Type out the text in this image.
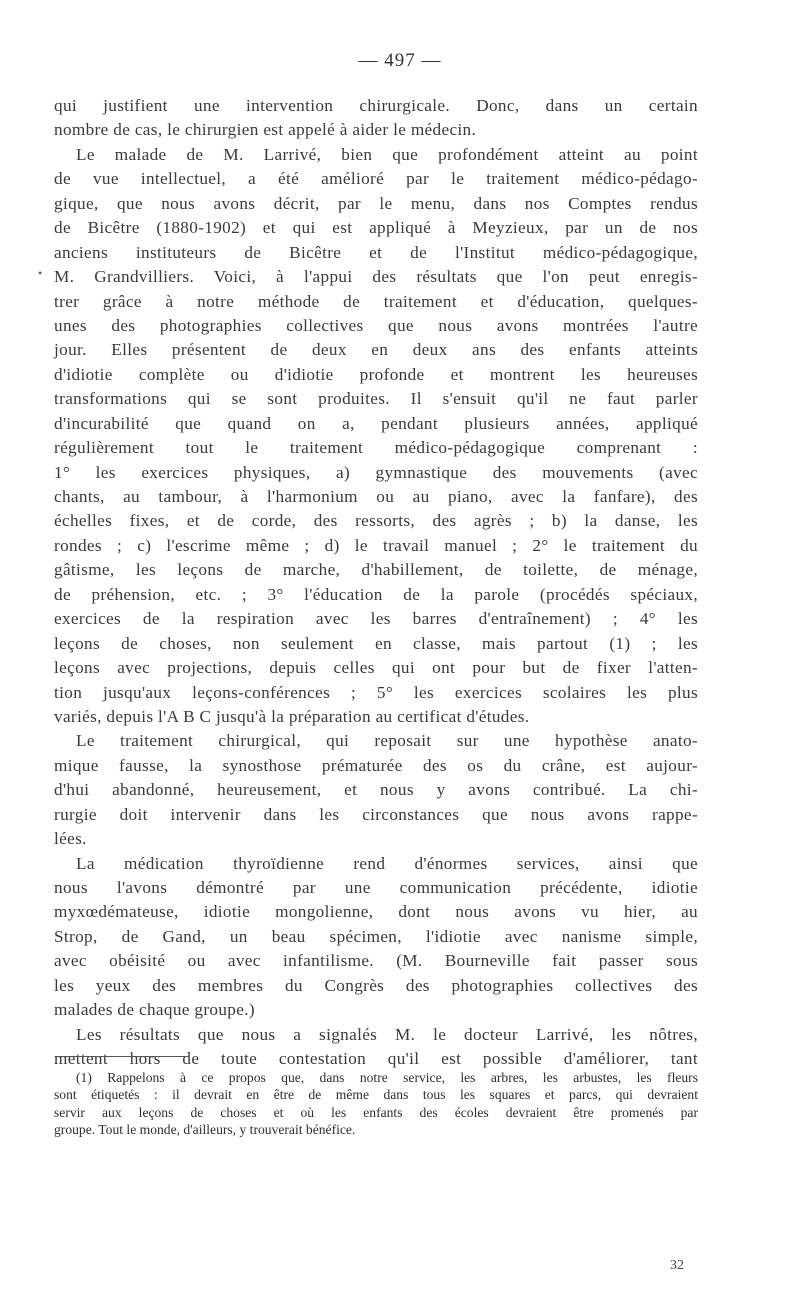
— 497 —
•
qui justifient une intervention chirurgicale. Donc, dans un certain
nombre de cas, le chirurgien est appelé à aider le médecin.
Le malade de M. Larrivé, bien que profondément atteint au point
de vue intellectuel, a été amélioré par le traitement médico-pédago-
gique, que nous avons décrit, par le menu, dans nos Comptes rendus
de Bicêtre (1880-1902) et qui est appliqué à Meyzieux, par un de nos
anciens instituteurs de Bicêtre et de l'Institut médico-pédagogique,
M. Grandvilliers. Voici, à l'appui des résultats que l'on peut enregis-
trer grâce à notre méthode de traitement et d'éducation, quelques-
unes des photographies collectives que nous avons montrées l'autre
jour. Elles présentent de deux en deux ans des enfants atteints
d'idiotie complète ou d'idiotie profonde et montrent les heureuses
transformations qui se sont produites. Il s'ensuit qu'il ne faut parler
d'incurabilité que quand on a, pendant plusieurs années, appliqué
régulièrement tout le traitement médico-pédagogique comprenant :
1° les exercices physiques, a) gymnastique des mouvements (avec
chants, au tambour, à l'harmonium ou au piano, avec la fanfare), des
échelles fixes, et de corde, des ressorts, des agrès ; b) la danse, les
rondes ; c) l'escrime même ; d) le travail manuel ; 2° le traitement du
gâtisme, les leçons de marche, d'habillement, de toilette, de ménage,
de préhension, etc. ; 3° l'éducation de la parole (procédés spéciaux,
exercices de la respiration avec les barres d'entraînement) ; 4° les
leçons de choses, non seulement en classe, mais partout (1) ; les
leçons avec projections, depuis celles qui ont pour but de fixer l'atten-
tion jusqu'aux leçons-conférences ; 5° les exercices scolaires les plus
variés, depuis l'A B C jusqu'à la préparation au certificat d'études.
Le traitement chirurgical, qui reposait sur une hypothèse anato-
mique fausse, la synosthose prématurée des os du crâne, est aujour-
d'hui abandonné, heureusement, et nous y avons contribué. La chi-
rurgie doit intervenir dans les circonstances que nous avons rappe-
lées.
La médication thyroïdienne rend d'énormes services, ainsi que
nous l'avons démontré par une communication précédente, idiotie
myxœdémateuse, idiotie mongolienne, dont nous avons vu hier, au
Strop, de Gand, un beau spécimen, l'idiotie avec nanisme simple,
avec obéisité ou avec infantilisme. (M. Bourneville fait passer sous
les yeux des membres du Congrès des photographies collectives des
malades de chaque groupe.)
Les résultats que nous a signalés M. le docteur Larrivé, les nôtres,
mettent hors de toute contestation qu'il est possible d'améliorer, tant
(1) Rappelons à ce propos que, dans notre service, les arbres, les arbustes, les fleurs
sont étiquetés : il devrait en être de même dans tous les squares et parcs, qui devraient
servir aux leçons de choses et où les enfants des écoles devraient être promenés par
groupe. Tout le monde, d'ailleurs, y trouverait bénéfice.
32
